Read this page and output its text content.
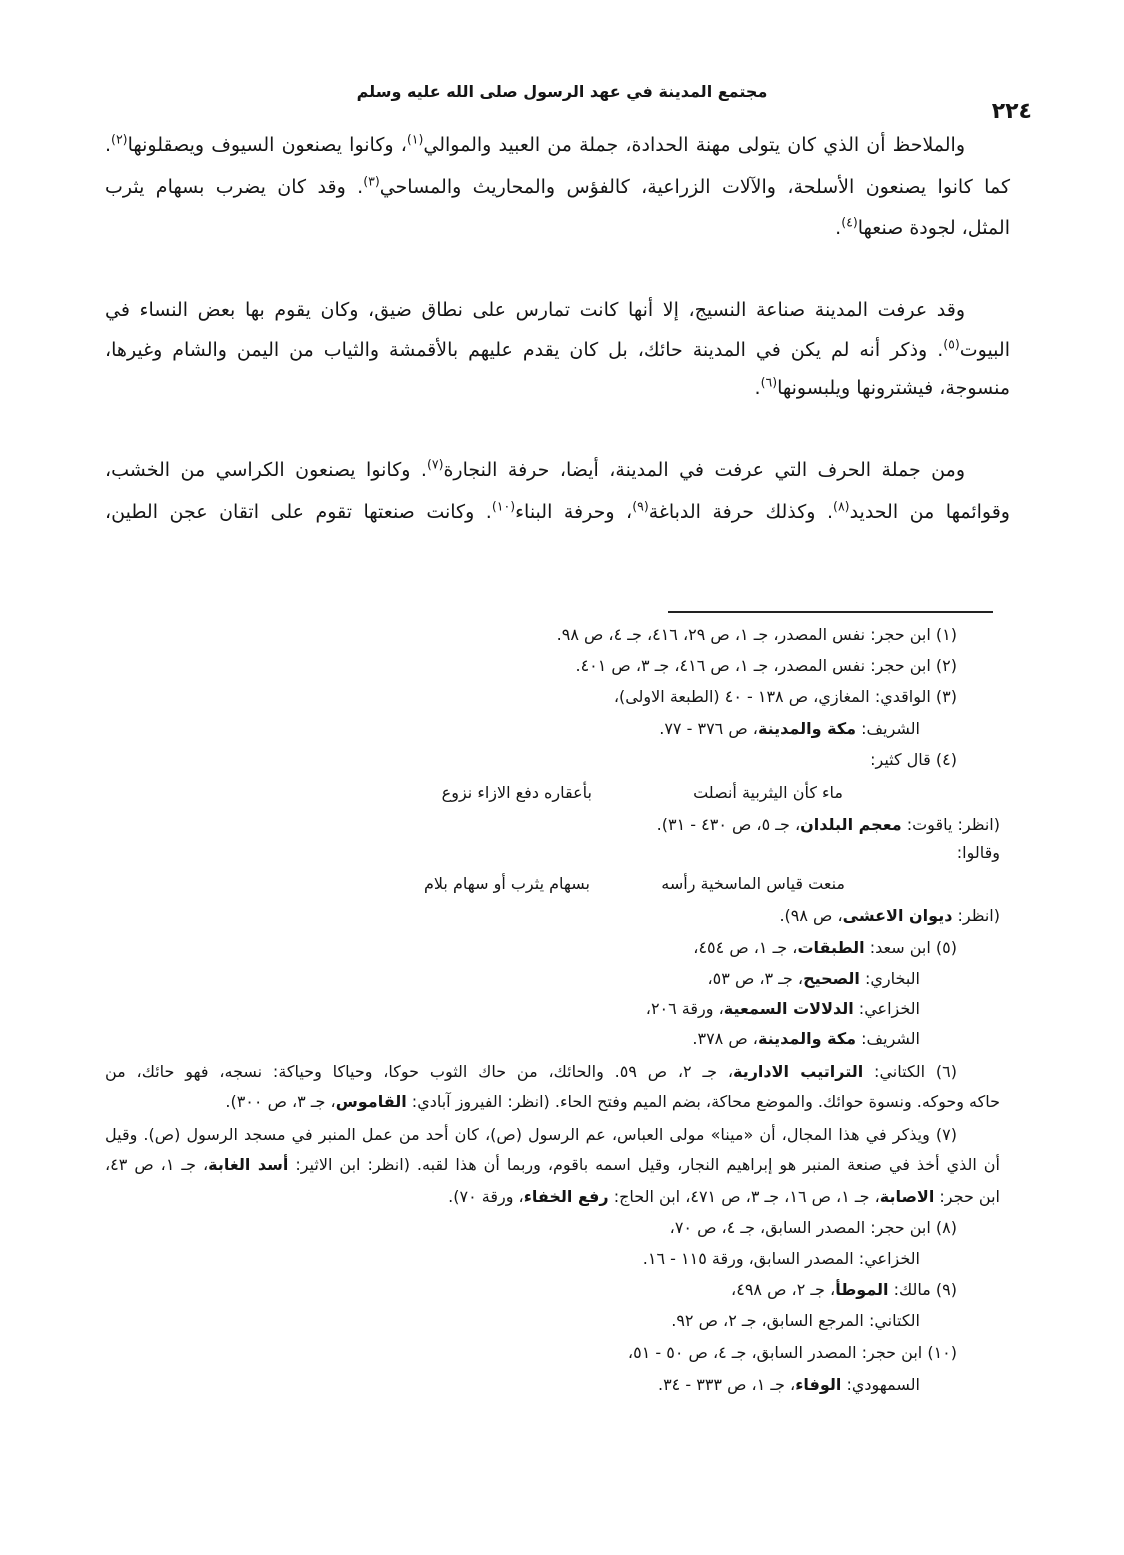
مجتمع المدينة في عهد الرسول صلى الله عليه وسلم
٢٢٤
والملاحظ أن الذي كان يتولى مهنة الحدادة، جملة من العبيد والموالي$^{(١)}$، وكانوا يصنعون السيوف ويصقلونها$^{(٢)}$.
كما كانوا يصنعون الأسلحة، والآلات الزراعية، كالفؤس والمحاريث والمساحي$^{(٣)}$. وقد كان يضرب بسهام يثرب
المثل، لجودة صنعها$^{(٤)}$.
وقد عرفت المدينة صناعة النسيج، إلا أنها كانت تمارس على نطاق ضيق، وكان يقوم بها بعض النساء في
البيوت$^{(٥)}$. وذكر أنه لم يكن في المدينة حائك، بل كان يقدم عليهم بالأقمشة والثياب من اليمن والشام وغيرها،
منسوجة، فيشترونها ويلبسونها$^{(٦)}$.
ومن جملة الحرف التي عرفت في المدينة، أيضا، حرفة النجارة$^{(٧)}$. وكانوا يصنعون الكراسي من الخشب،
وقوائمها من الحديد$^{(٨)}$. وكذلك حرفة الدباغة$^{(٩)}$، وحرفة البناء$^{(١٠)}$. وكانت صنعتها تقوم على اتقان عجن الطين،
(١) ابن حجر: نفس المصدر، جـ ١، ص ٢٩، ٤١٦، جـ ٤، ص ٩٨.
(٢) ابن حجر: نفس المصدر، جـ ١، ص ٤١٦، جـ ٣، ص ٤٠١.
(٣) الواقدي: المغازي، ص ١٣٨ - ٤٠ (الطبعة الاولى)،
الشريف: مكة والمدينة، ص ٣٧٦ - ٧٧.
(٤) قال كثير:
ماء كأن اليثربية أنصلت
بأعقاره دفع الازاء نزوع
(انظر: ياقوت: معجم البلدان، جـ ٥، ص ٤٣٠ - ٣١).
وقالوا:
منعت قياس الماسخية رأسه
بسهام يثرب أو سهام بلام
(انظر: ديوان الاعشى، ص ٩٨).
(٥) ابن سعد: الطبقات، جـ ١، ص ٤٥٤،
البخاري: الصحيح، جـ ٣، ص ٥٣،
الخزاعي: الدلالات السمعية، ورقة ٢٠٦،
الشريف: مكة والمدينة، ص ٣٧٨.
(٦) الكتاني: التراتيب الادارية، جـ ٢، ص ٥٩. والحائك، من حاك الثوب حوكا، وحياكا وحياكة: نسجه، فهو حائك، من
حاكه وحوكه. ونسوة حوائك. والموضع محاكة، بضم الميم وفتح الحاء. (انظر: الفيروز آبادي: القاموس، جـ ٣، ص ٣٠٠).
(٧) ويذكر في هذا المجال، أن «مينا» مولى العباس، عم الرسول (ص)، كان أحد من عمل المنبر في مسجد الرسول (ص). وقيل
أن الذي أخذ في صنعة المنبر هو إبراهيم النجار، وقيل اسمه باقوم، وربما أن هذا لقبه. (انظر: ابن الاثير: أسد الغابة، جـ ١، ص ٤٣،
ابن حجر: الاصابة، جـ ١، ص ١٦، جـ ٣، ص ٤٧١، ابن الحاج: رفع الخفاء، ورقة ٧٠).
(٨) ابن حجر: المصدر السابق، جـ ٤، ص ٧٠،
الخزاعي: المصدر السابق، ورقة ١١٥ - ١٦.
(٩) مالك: الموطأ، جـ ٢، ص ٤٩٨،
الكتاني: المرجع السابق، جـ ٢، ص ٩٢.
(١٠) ابن حجر: المصدر السابق، جـ ٤، ص ٥٠ - ٥١،
السمهودي: الوفاء، جـ ١، ص ٣٣٣ - ٣٤.
